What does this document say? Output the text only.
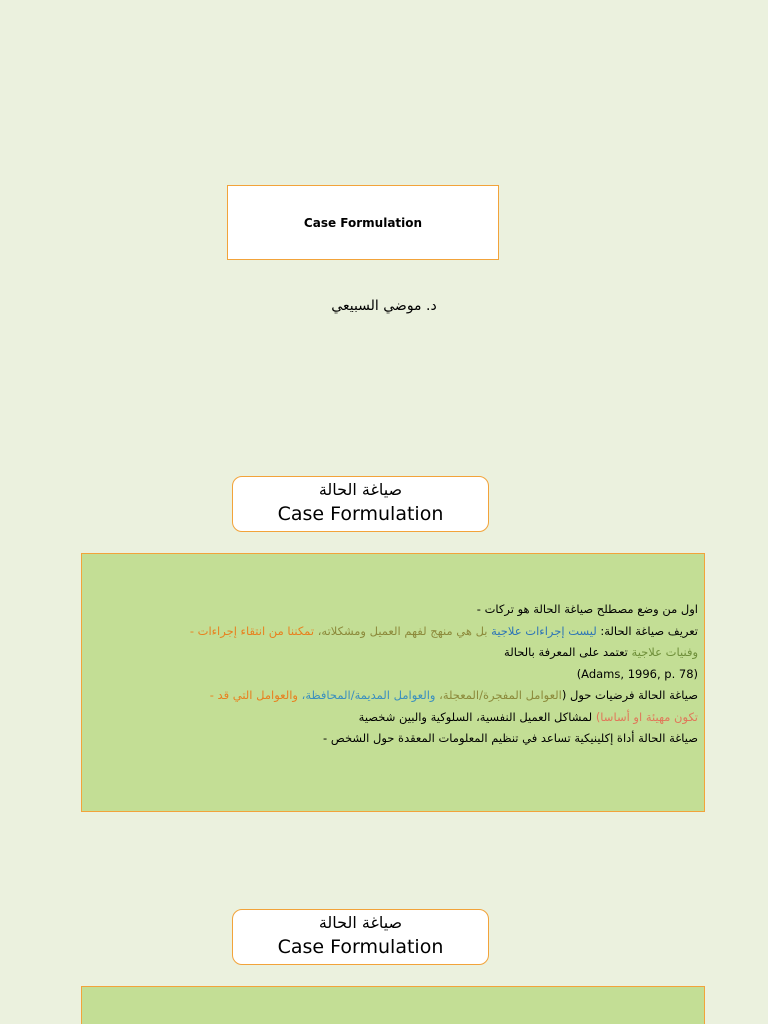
Case Formulation
د. موضي السبيعي
صياغة الحالة
Case Formulation
اول من وضع مصطلح صياغة الحالة هو تركات -
تعريف صياغة الحالة: ليست إجراءات علاجية بل هي منهج لفهم العميل ومشكلاته، تمكننا من انتقاء إجراءات -
وفنيات علاجية تعتمد على المعرفة بالحالة
(Adams, 1996, p. 78)
صياغة الحالة فرضيات حول (العوامل المفجرة/المعجلة، والعوامل المديمة/المحافظة، والعوامل التي قد -
تكون مهيئة او أساسا) لمشاكل العميل النفسية، السلوكية والبين شخصية
صياغة الحالة أداة إكلينيكية تساعد في تنظيم المعلومات المعقدة حول الشخص -
صياغة الحالة
Case Formulation
